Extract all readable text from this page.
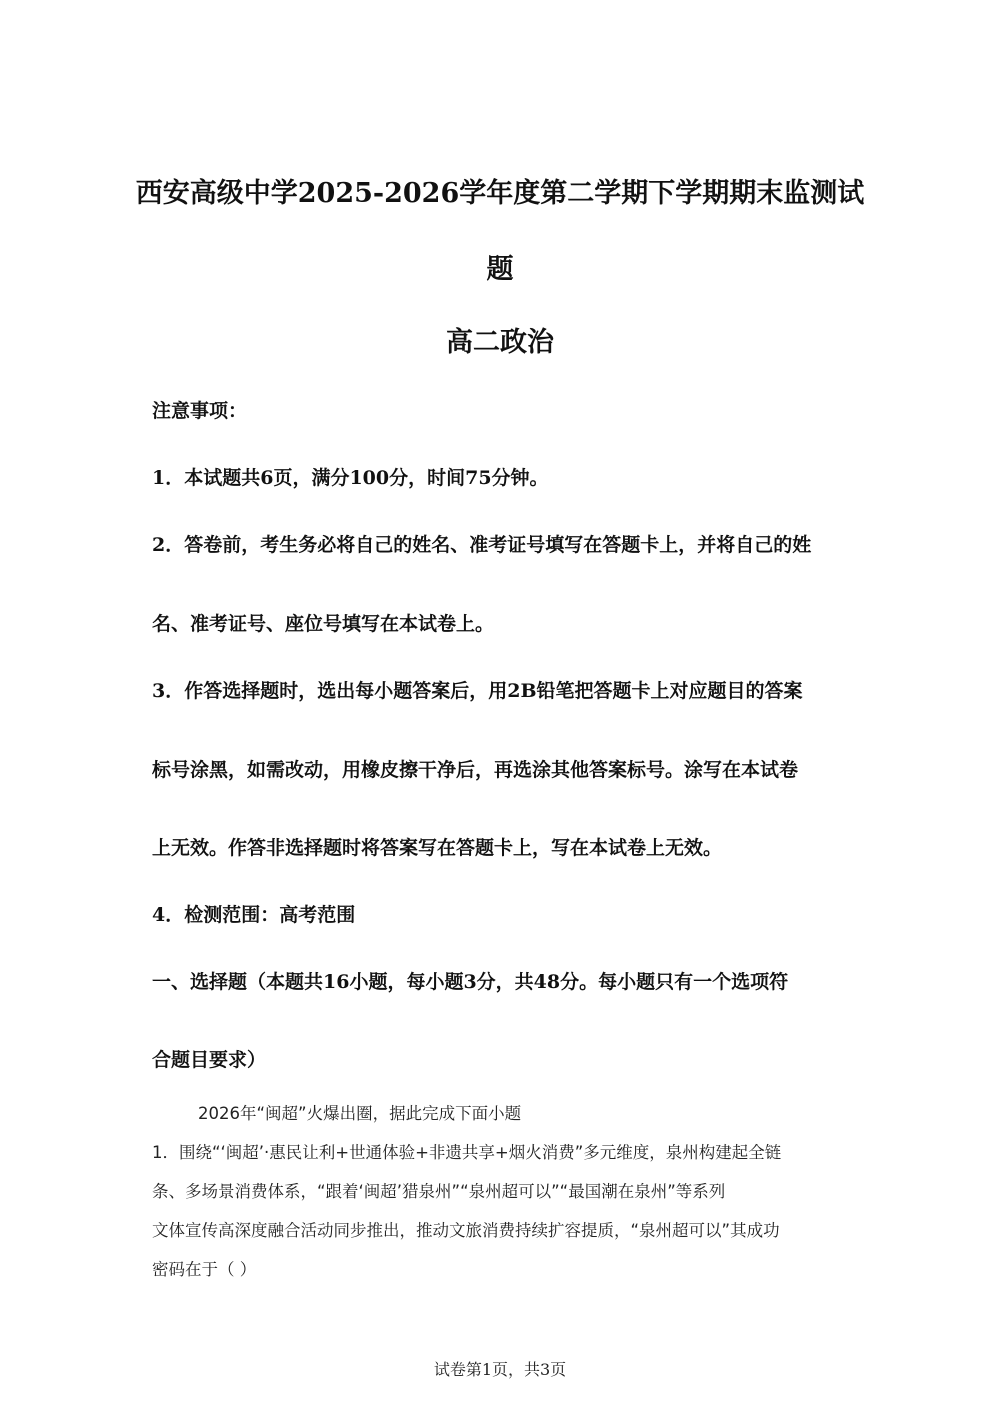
西安高级中学2025-2026学年度第二学期下学期期末监测试
题
高二政治
注意事项：
1．本试题共6页，满分100分，时间75分钟。
2．答卷前，考生务必将自己的姓名、准考证号填写在答题卡上，并将自己的姓
名、准考证号、座位号填写在本试卷上。
3．作答选择题时，选出每小题答案后，用2B铅笔把答题卡上对应题目的答案
标号涂黑，如需改动，用橡皮擦干净后，再选涂其他答案标号。涂写在本试卷
上无效。作答非选择题时将答案写在答题卡上，写在本试卷上无效。
4．检测范围：高考范围
一、选择题（本题共16小题，每小题3分，共48分。每小题只有一个选项符
合题目要求）
2026年“闽超”火爆出圈，据此完成下面小题
1．围绕“‘闽超’·惠民让利+世通体验+非遗共享+烟火消费”多元维度，泉州构建起全链
条、多场景消费体系，“跟着‘闽超’猎泉州”“泉州超可以”“最国潮在泉州”等系列
文体宣传高深度融合活动同步推出，推动文旅消费持续扩容提质，“泉州超可以”其成功
密码在于（ ）
试卷第1页，共3页
